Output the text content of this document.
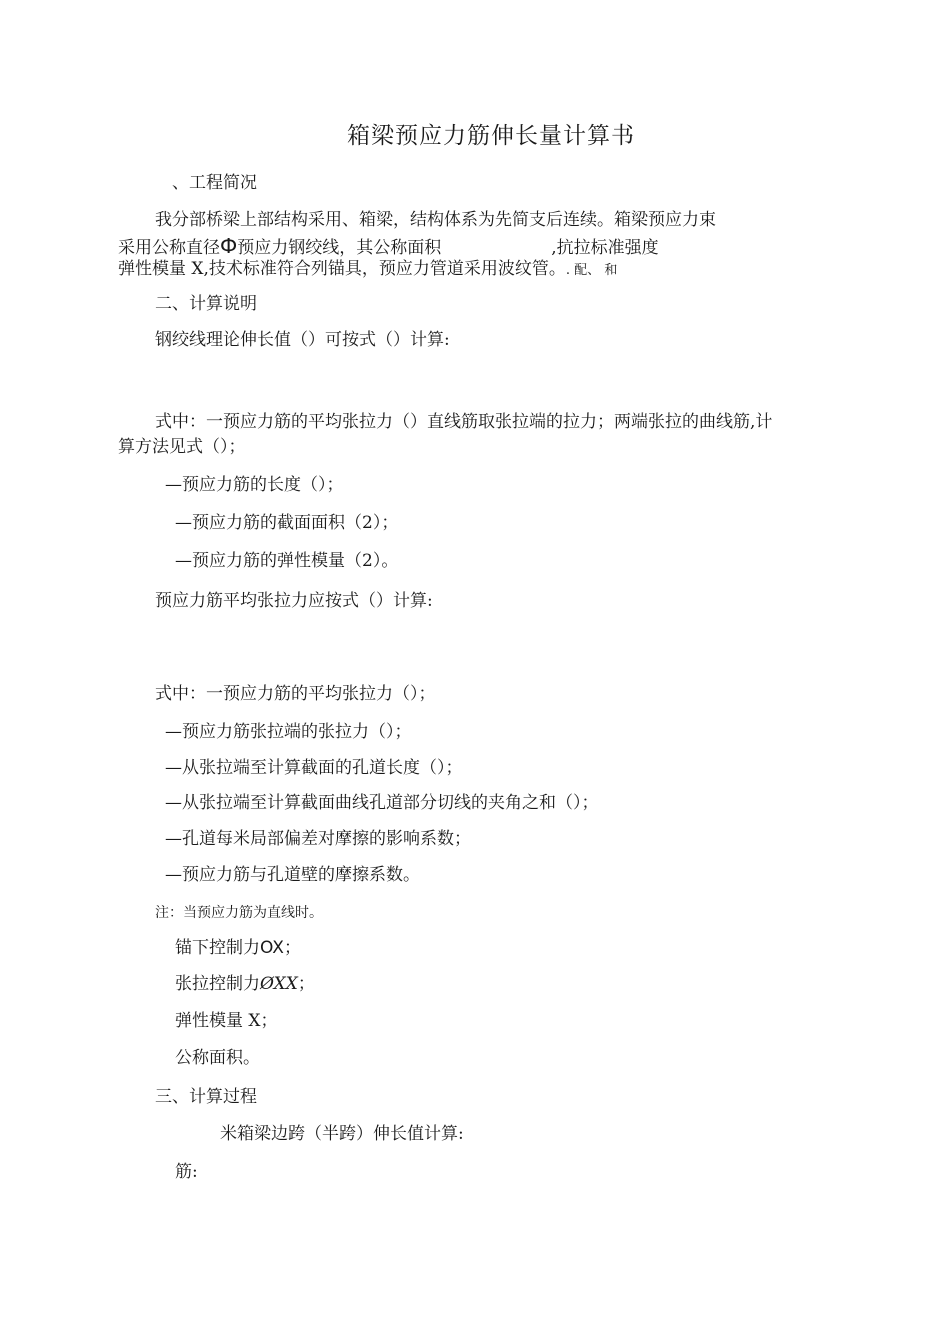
箱梁预应力筋伸长量计算书
、工程简况
我分部桥梁上部结构采用、箱梁，结构体系为先简支后连续。箱梁预应力束
采用公称直径Ф预应力钢绞线，其公称面积	,抗拉标准强度
弹性模量 X,技术标准符合列锚具，预应力管道采用波纹管。. 配、 和
二、计算说明
钢绞线理论伸长值（）可按式（）计算:
式中：一预应力筋的平均张拉力（）直线筋取张拉端的拉力；两端张拉的曲线筋,计
算方法见式（）；
—预应力筋的长度（）；
—预应力筋的截面面积（2）；
—预应力筋的弹性模量（2）。
预应力筋平均张拉力应按式（）计算:
式中：一预应力筋的平均张拉力（）；
—预应力筋张拉端的张拉力（）；
—从张拉端至计算截面的孔道长度（）；
—从张拉端至计算截面曲线孔道部分切线的夹角之和（）；
—孔道每米局部偏差对摩擦的影响系数；
—预应力筋与孔道壁的摩擦系数。
注：当预应力筋为直线时。
锚下控制力OX；
张拉控制力ØXX；
弹性模量 X；
公称面积。
三、计算过程
米箱梁边跨（半跨）伸长值计算:
筋:
